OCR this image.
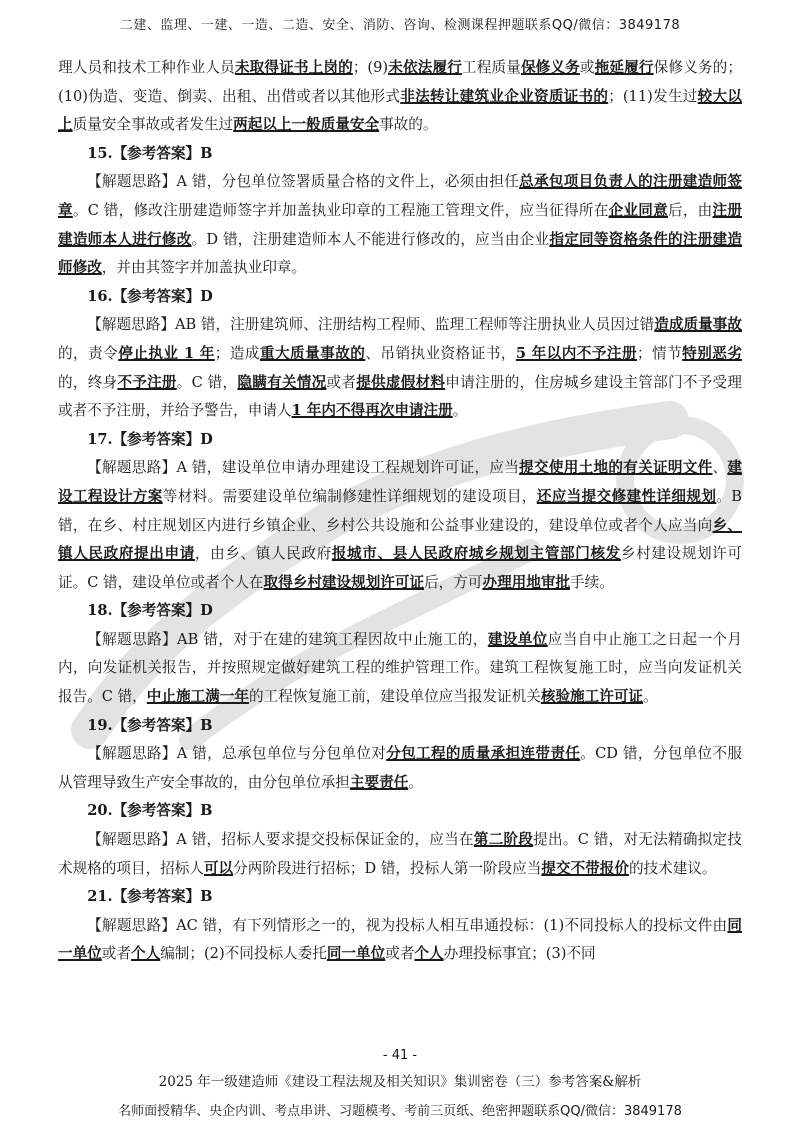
二建、监理、一建、一造、二造、安全、消防、咨询、检测课程押题联系QQ/微信：3849178

理人员和技术工种作业人员未取得证书上岗的；(9)未依法履行工程质量保修义务或拖延履行保修义务的；(10)伪造、变造、倒卖、出租、出借或者以其他形式非法转让建筑业企业资质证书的；(11)发生过较大以上质量安全事故或者发生过两起以上一般质量安全事故的。

15.【参考答案】B

【解题思路】A 错，分包单位签署质量合格的文件上，必须由担任总承包项目负责人的注册建造师签章。C 错，修改注册建造师签字并加盖执业印章的工程施工管理文件，应当征得所在企业同意后，由注册建造师本人进行修改。D 错，注册建造师本人不能进行修改的，应当由企业指定同等资格条件的注册建造师修改，并由其签字并加盖执业印章。

16.【参考答案】D

【解题思路】AB 错，注册建筑师、注册结构工程师、监理工程师等注册执业人员因过错造成质量事故的，责令停止执业 1 年；造成重大质量事故的、吊销执业资格证书，5 年以内不予注册；情节特别恶劣的，终身不予注册。C 错，隐瞒有关情况或者提供虚假材料申请注册的，住房城乡建设主管部门不予受理或者不予注册，并给予警告，申请人1 年内不得再次申请注册。

17.【参考答案】D

【解题思路】A 错，建设单位申请办理建设工程规划许可证，应当提交使用土地的有关证明文件、建设工程设计方案等材料。需要建设单位编制修建性详细规划的建设项目，还应当提交修建性详细规划。B 错，在乡、村庄规划区内进行乡镇企业、乡村公共设施和公益事业建设的，建设单位或者个人应当向乡、镇人民政府提出申请，由乡、镇人民政府报城市、县人民政府城乡规划主管部门核发乡村建设规划许可证。C 错，建设单位或者个人在取得乡村建设规划许可证后，方可办理用地审批手续。

18.【参考答案】D

【解题思路】AB 错，对于在建的建筑工程因故中止施工的，建设单位应当自中止施工之日起一个月内，向发证机关报告，并按照规定做好建筑工程的维护管理工作。建筑工程恢复施工时，应当向发证机关报告。C 错，中止施工满一年的工程恢复施工前，建设单位应当报发证机关核验施工许可证。

19.【参考答案】B

【解题思路】A 错，总承包单位与分包单位对分包工程的质量承担连带责任。CD 错，分包单位不服从管理导致生产安全事故的，由分包单位承担主要责任。

20.【参考答案】B

【解题思路】A 错，招标人要求提交投标保证金的，应当在第二阶段提出。C 错，对无法精确拟定技术规格的项目，招标人可以分两阶段进行招标；D 错，投标人第一阶段应当提交不带报价的技术建议。

21.【参考答案】B

【解题思路】AC 错，有下列情形之一的，视为投标人相互串通投标：(1)不同投标人的投标文件由同一单位或者个人编制；(2)不同投标人委托同一单位或者个人办理投标事宜；(3)不同

- 41 -
2025 年一级建造师《建设工程法规及相关知识》集训密卷（三）参考答案&解析
名师面授精华、央企内训、考点串讲、习题模考、考前三页纸、绝密押题联系QQ/微信：3849178
